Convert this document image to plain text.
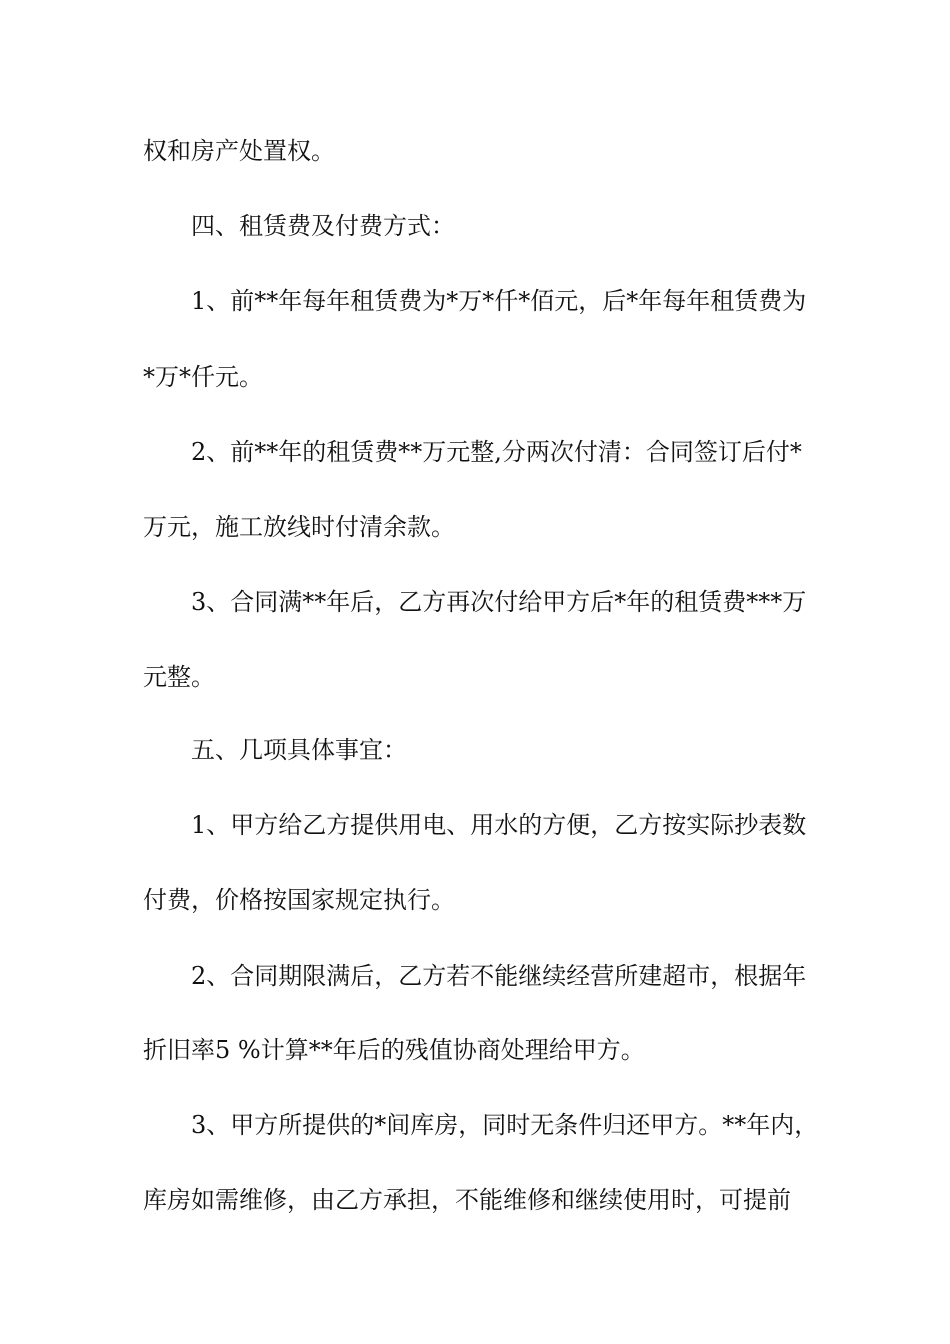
权和房产处置权。
四、租赁费及付费方式：
1、前**年每年租赁费为*万*仟*佰元，后*年每年租赁费为
*万*仟元。
2、前**年的租赁费**万元整,分两次付清：合同签订后付*
万元，施工放线时付清余款。
3、合同满**年后，乙方再次付给甲方后*年的租赁费***万
元整。
五、几项具体事宜：
1、甲方给乙方提供用电、用水的方便，乙方按实际抄表数
付费，价格按国家规定执行。
2、合同期限满后，乙方若不能继续经营所建超市，根据年
折旧率5 %计算**年后的残值协商处理给甲方。
3、甲方所提供的*间库房，同时无条件归还甲方。**年内，
库房如需维修，由乙方承担，不能维修和继续使用时，可提前
